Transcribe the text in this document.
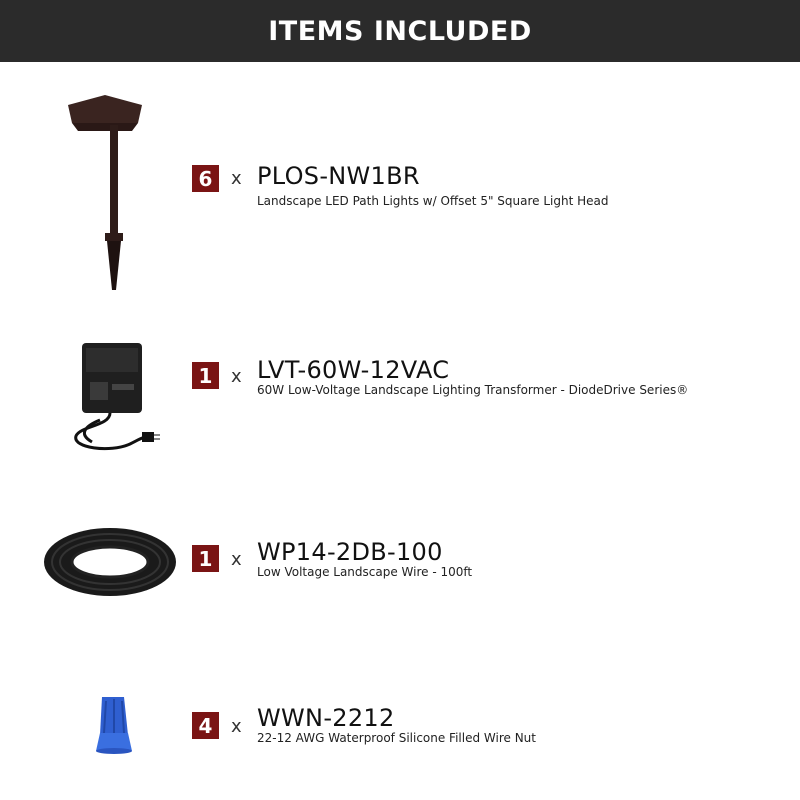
ITEMS INCLUDED
6	x PLOS-NW1BR
Landscape LED Path Lights w/ Offset 5" Square Light Head
1	x LVT-60W-12VAC
60W Low-Voltage Landscape Lighting Transformer - DiodeDrive Series®
1	x WP14-2DB-100
Low Voltage Landscape Wire - 100ft
4	x WWN-2212
22-12 AWG Waterproof Silicone Filled Wire Nut
